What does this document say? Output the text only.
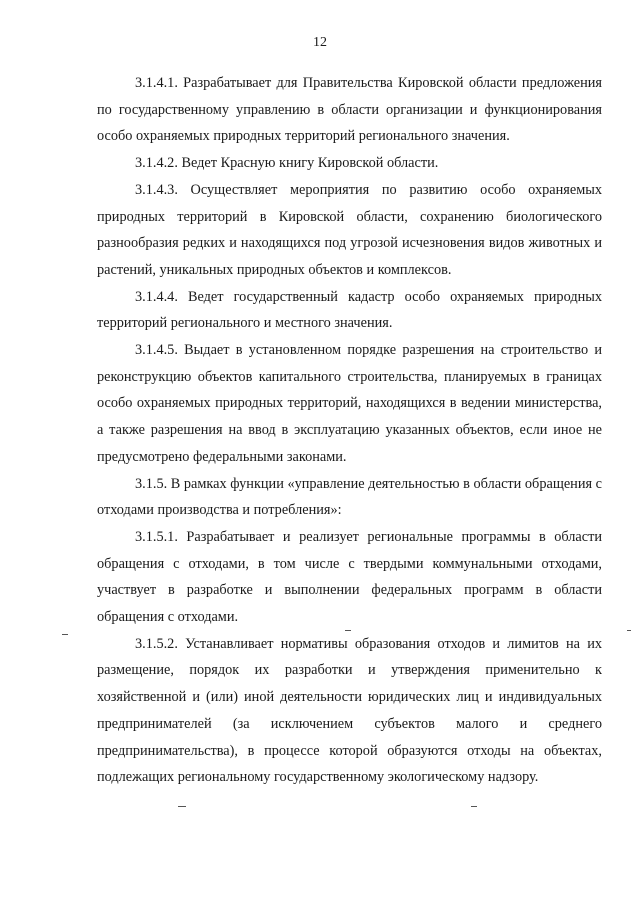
12

3.1.4.1. Разрабатывает для Правительства Кировской области предложения по государственному управлению в области организации и функционирования особо охраняемых природных территорий регионального значения.

3.1.4.2. Ведет Красную книгу Кировской области.

3.1.4.3. Осуществляет мероприятия по развитию особо охраняемых природных территорий в Кировской области, сохранению биологического разнообразия редких и находящихся под угрозой исчезновения видов животных и растений, уникальных природных объектов и комплексов.

3.1.4.4. Ведет государственный кадастр особо охраняемых природных территорий регионального и местного значения.

3.1.4.5. Выдает в установленном порядке разрешения на строительство и реконструкцию объектов капитального строительства, планируемых в границах особо охраняемых природных территорий, находящихся в ведении министерства, а также разрешения на ввод в эксплуатацию указанных объектов, если иное не предусмотрено федеральными законами.

3.1.5. В рамках функции «управление деятельностью в области обращения с отходами производства и потребления»:

3.1.5.1. Разрабатывает и реализует региональные программы в области обращения с отходами, в том числе с твердыми коммунальными отходами, участвует в разработке и выполнении федеральных программ в области обращения с отходами.

3.1.5.2. Устанавливает нормативы образования отходов и лимитов на их размещение, порядок их разработки и утверждения применительно к хозяйственной и (или) иной деятельности юридических лиц и индивидуальных предпринимателей (за исключением субъектов малого и среднего предпринимательства), в процессе которой образуются отходы на объектах, подлежащих региональному государственному экологическому надзору.
